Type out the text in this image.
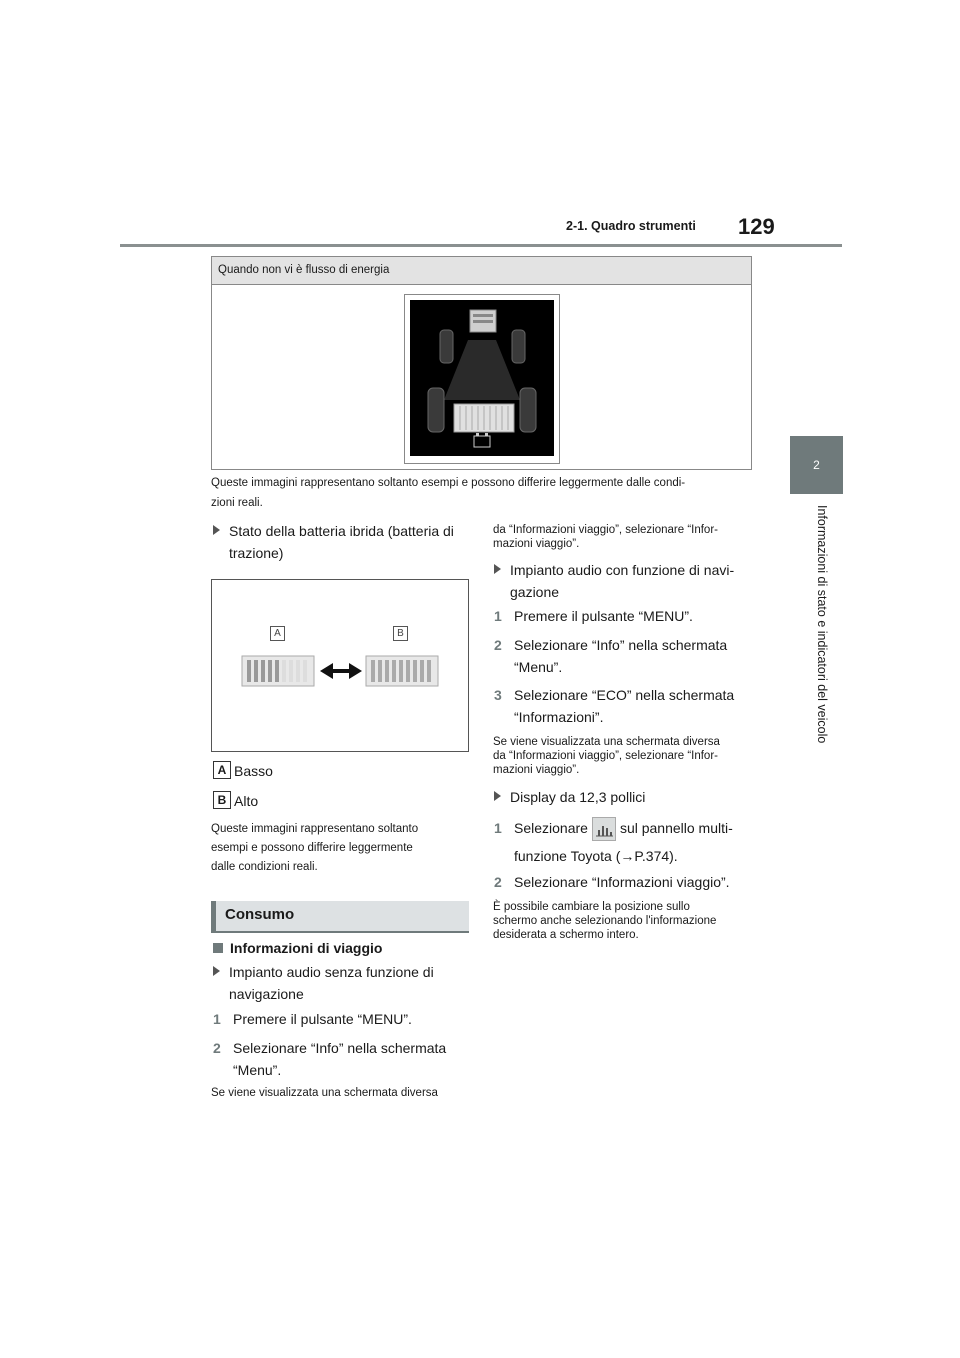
2-1. Quadro strumenti 129
2
Informazioni di stato e indicatori del veicolo
Quando non vi è flusso di energia
Queste immagini rappresentano soltanto esempi e possono differire leggermente dalle condi-
zioni reali.
Stato della batteria ibrida (batteria di
trazione)
A	B
A Basso
B Alto
Queste immagini rappresentano soltanto
esempi e possono differire leggermente
dalle condizioni reali.
Consumo
Informazioni di viaggio
Impianto audio senza funzione di
navigazione
1 Premere il pulsante “MENU”.
2 Selezionare “Info” nella schermata
“Menu”.
Se viene visualizzata una schermata diversa
da “Informazioni viaggio”, selezionare “Infor-
mazioni viaggio”.
Impianto audio con funzione di navi-
gazione
1 Premere il pulsante “MENU”.
2 Selezionare “Info” nella schermata
“Menu”.
3 Selezionare “ECO” nella schermata
“Informazioni”.
Se viene visualizzata una schermata diversa
da “Informazioni viaggio”, selezionare “Infor-
mazioni viaggio”.
Display da 12,3 pollici
1 Selezionare sul pannello multi-
funzione Toyota (→P.374).
2 Selezionare “Informazioni viaggio”.
È possibile cambiare la posizione sullo
schermo anche selezionando l'informazione
desiderata a schermo intero.
